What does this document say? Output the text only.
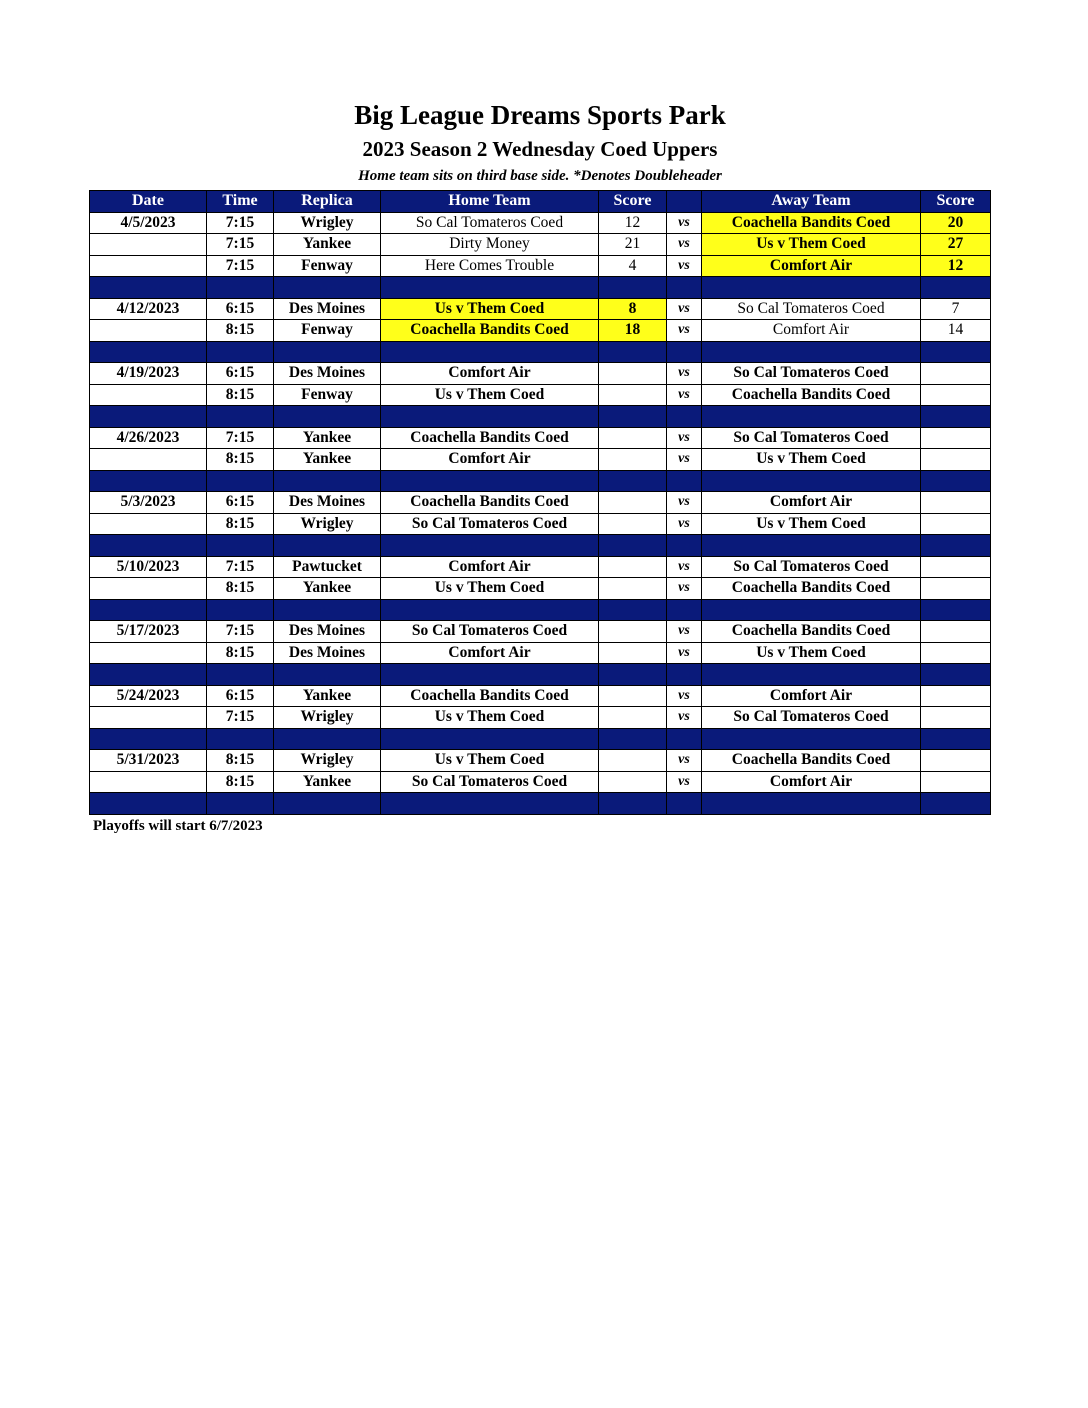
Big League Dreams Sports Park
2023 Season 2 Wednesday Coed Uppers
Home team sits on third base side. *Denotes Doubleheader
Date	Time	Replica	Home Team	Score		Away Team	Score
4/5/2023	7:15	Wrigley	So Cal Tomateros Coed	12	vs	Coachella Bandits Coed	20
	7:15	Yankee	Dirty Money	21	vs	Us v Them Coed	27
	7:15	Fenway	Here Comes Trouble	4	vs	Comfort Air	12

4/12/2023	6:15	Des Moines	Us v Them Coed	8	vs	So Cal Tomateros Coed	7
	8:15	Fenway	Coachella Bandits Coed	18	vs	Comfort Air	14

4/19/2023	6:15	Des Moines	Comfort Air		vs	So Cal Tomateros Coed	
	8:15	Fenway	Us v Them Coed		vs	Coachella Bandits Coed	

4/26/2023	7:15	Yankee	Coachella Bandits Coed		vs	So Cal Tomateros Coed	
	8:15	Yankee	Comfort Air		vs	Us v Them Coed	

5/3/2023	6:15	Des Moines	Coachella Bandits Coed		vs	Comfort Air	
	8:15	Wrigley	So Cal Tomateros Coed		vs	Us v Them Coed	

5/10/2023	7:15	Pawtucket	Comfort Air		vs	So Cal Tomateros Coed	
	8:15	Yankee	Us v Them Coed		vs	Coachella Bandits Coed	

5/17/2023	7:15	Des Moines	So Cal Tomateros Coed		vs	Coachella Bandits Coed	
	8:15	Des Moines	Comfort Air		vs	Us v Them Coed	

5/24/2023	6:15	Yankee	Coachella Bandits Coed		vs	Comfort Air	
	7:15	Wrigley	Us v Them Coed		vs	So Cal Tomateros Coed	

5/31/2023	8:15	Wrigley	Us v Them Coed		vs	Coachella Bandits Coed	
	8:15	Yankee	So Cal Tomateros Coed		vs	Comfort Air	

Playoffs will start 6/7/2023
